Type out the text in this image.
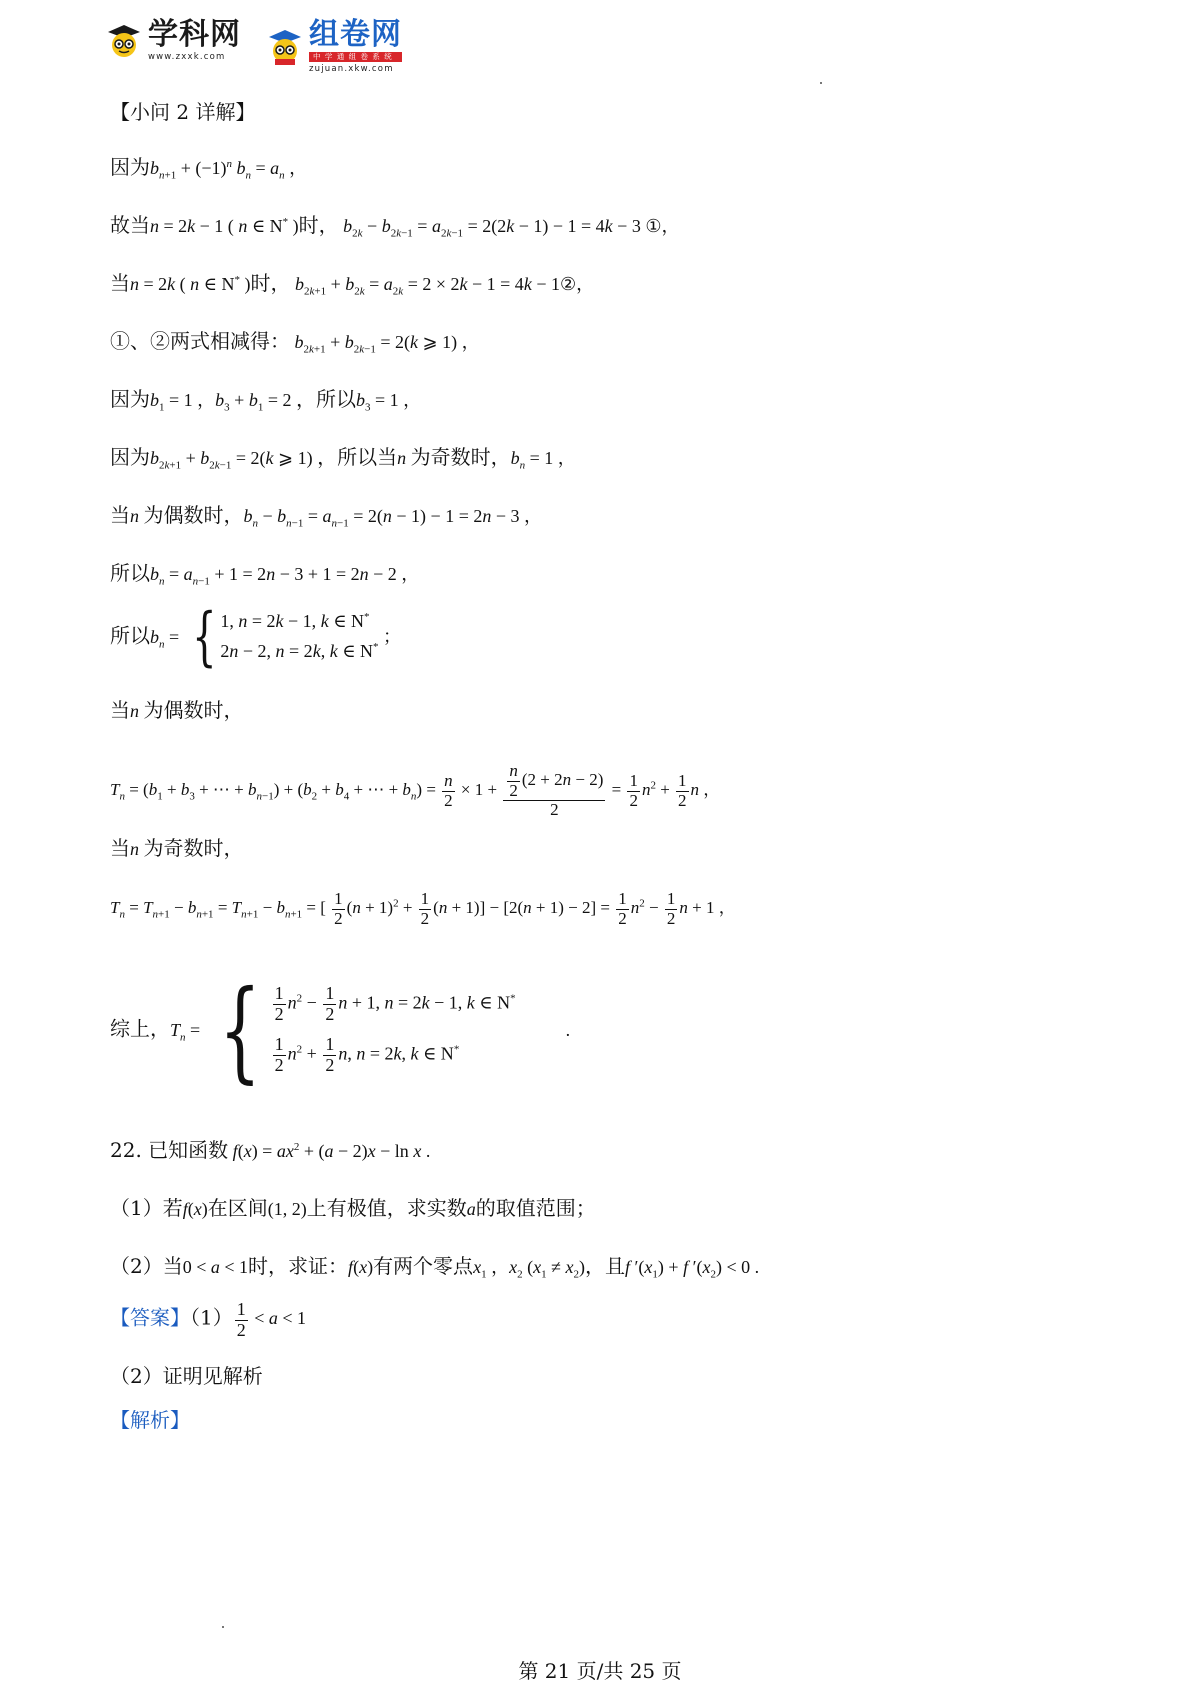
学科网
www.zxxk.com
组卷网
中 学 通 组 卷 系 统
zujuan.xkw.com
【小问 2 详解】
因为$b_{n+1} + (-1)^n$ $b_n = a_n$ ，
故当n = 2k − 1 ( n ∈ N* )时， $b_{2k} - b_{2k-1} = a_{2k-1} = 2(2k - 1) - 1 = 4k - 3$ ①，
当n = 2k ( n ∈ N* )时， $b_{2k+1} + b_{2k} = a_{2k} = 2 \times 2k - 1 = 4k$ − 1②，
①、②两式相减得： $b_{2k+1} + b_{2k-1} = 2(k$ ⩾ 1) ，
因为$b_1 = 1$ ，$b_3 + b_1 = 2$ ，所以$b_3 = 1$ ，
因为$b_{2k+1} + b_{2k-1} = 2(k$ ⩾ 1) ，所以当n 为奇数时，$b_n = 1$ ，
当n 为偶数时，$b_n - b_{n-1} = a_{n-1} = 2(n - 1) - 1 = 2n - 3$ ，
所以$b_n = a_{n-1} + 1 = 2n - 3 + 1 = 2n - 2$ ，
所以$b_n$ = { 1, n = 2k − 1, k ∈ N*
2n − 2, n = 2k, k ∈ N*
；
当n 为偶数时，
$T_n = (b_1 + b_3$ + ⋯ + $b_{n-1}) + (b_2 + b_4$ + ⋯ + $b_n) = \frac{n}{2} \times 1 + \frac{\frac{n}{2} (2 + 2n - 2)}{2} = \frac{1}{2} n^2 + \frac{1}{2}$ n ，
当n 为奇数时，
$T_n = T_{n+1} - b_{n+1} = T_{n+1} - b_{n+1}$ = [ $\frac{1}{2} (n + 1)^2 + \frac{1}{2} (n + 1)] - [2(n + 1) - 2] = \frac{1}{2} n^2 - \frac{1}{2}$ n + 1 ，
综上，$T_n$ = { $\frac{1}{2} n^2 - \frac{1}{2}$ n + 1, n = 2k − 1, k ∈ N*
$\frac{1}{2} n^2 + \frac{1}{2} n$, n = 2k, k ∈ N*
.
22. 已知函数 $f(x) = ax^2 + (a - 2)x - \ln x$ .
（1）若f(x)在区间(1, 2)上有极值，求实数a的取值范围；
（2）当0 < a < 1时，求证：f(x)有两个零点$x_1$ ，$x_2$ $(x_1 \ne x_2)$，且f $'(x_1) + f$ $'(x_2) < 0$ .
【答案】$(1) \frac{1}{2} < a < 1$
（2）证明见解析
【解析】
第 21 页/共 25 页
